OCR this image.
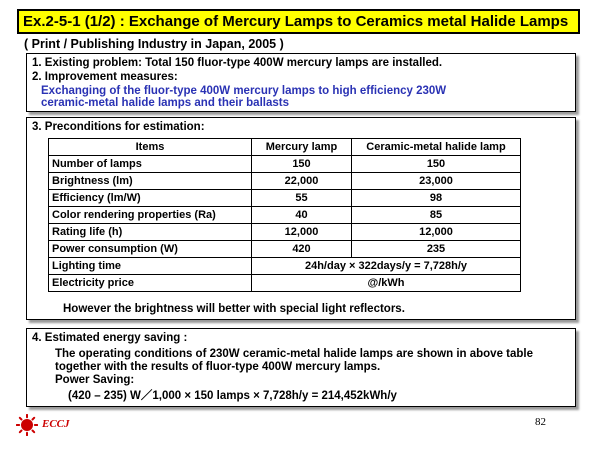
Ex.2-5-1 (1/2) : Exchange of Mercury Lamps to Ceramics metal Halide Lamps
( Print / Publishing Industry in Japan, 2005 )
1. Existing problem: Total 150 fluor-type 400W mercury lamps are installed.
2. Improvement measures:
Exchanging of the fluor-type 400W mercury lamps to high efficiency 230W
ceramic-metal halide lamps and their ballasts
3. Preconditions for estimation:
However the brightness will better with special light reflectors.
Items	Mercury lamp	Ceramic-metal halide lamp
Number of lamps	150	150
Brightness (lm)	22,000	23,000
Efficiency (lm/W)	55	98
Color rendering properties (Ra)	40	85
Rating life (h)	12,000	12,000
Power consumption (W)	420	235
Lighting time	24h/day × 322days/y = 7,728h/y	
Electricity price	@/kWh	
4. Estimated energy saving :
The operating conditions of 230W ceramic-metal halide lamps are shown in above table
together with the results of fluor-type 400W mercury lamps.
Power Saving:
(420 – 235) W／1,000 × 150 lamps × 7,728h/y = 214,452kWh/y
ECCJ	82
